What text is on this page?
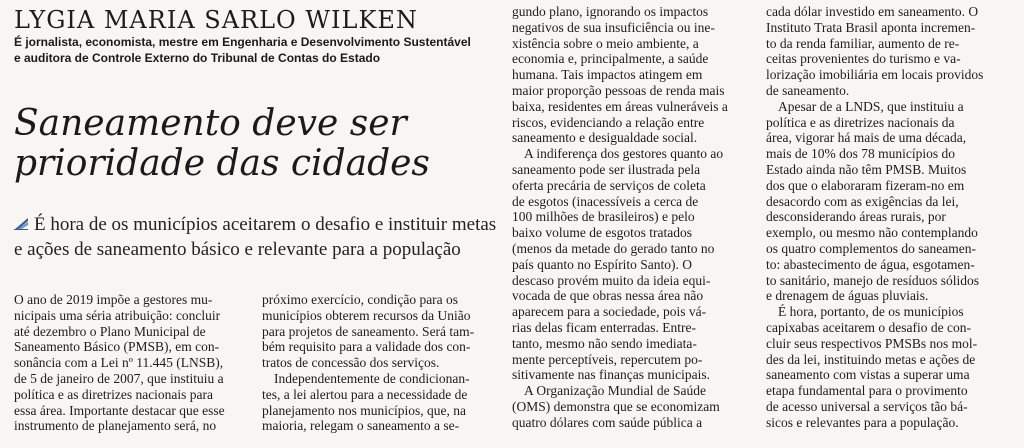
LYGIA MARIA SARLO WILKEN
É jornalista, economista, mestre em Engenharia e Desenvolvimento Sustentável
e auditora de Controle Externo do Tribunal de Contas do Estado
Saneamento deve ser
prioridade das cidades
É hora de os municípios aceitarem o desafio e instituir metas
e ações de saneamento básico e relevante para a população
O ano de 2019 impõe a gestores mu-
nicipais uma séria atribuição: concluir
até dezembro o Plano Municipal de
Saneamento Básico (PMSB), em con-
sonância com a Lei nº 11.445 (LNSB),
de 5 de janeiro de 2007, que instituiu a
política e as diretrizes nacionais para
essa área. Importante destacar que esse
instrumento de planejamento será, no
próximo exercício, condição para os
municípios obterem recursos da União
para projetos de saneamento. Será tam-
bém requisito para a validade dos con-
tratos de concessão dos serviços.
Independentemente de condicionan-
tes, a lei alertou para a necessidade de
planejamento nos municípios, que, na
maioria, relegam o saneamento a se-
gundo plano, ignorando os impactos
negativos de sua insuficiência ou ine-
xistência sobre o meio ambiente, a
economia e, principalmente, a saúde
humana. Tais impactos atingem em
maior proporção pessoas de renda mais
baixa, residentes em áreas vulneráveis a
riscos, evidenciando a relação entre
saneamento e desigualdade social.
A indiferença dos gestores quanto ao
saneamento pode ser ilustrada pela
oferta precária de serviços de coleta
de esgotos (inacessíveis a cerca de
100 milhões de brasileiros) e pelo
baixo volume de esgotos tratados
(menos da metade do gerado tanto no
país quanto no Espírito Santo). O
descaso provém muito da ideia equi-
vocada de que obras nessa área não
aparecem para a sociedade, pois vá-
rias delas ficam enterradas. Entre-
tanto, mesmo não sendo imediata-
mente perceptíveis, repercutem po-
sitivamente nas finanças municipais.
A Organização Mundial de Saúde
(OMS) demonstra que se economizam
quatro dólares com saúde pública a
cada dólar investido em saneamento. O
Instituto Trata Brasil aponta incremen-
to da renda familiar, aumento de re-
ceitas provenientes do turismo e va-
lorização imobiliária em locais providos
de saneamento.
Apesar de a LNDS, que instituiu a
política e as diretrizes nacionais da
área, vigorar há mais de uma década,
mais de 10% dos 78 municípios do
Estado ainda não têm PMSB. Muitos
dos que o elaboraram fizeram-no em
desacordo com as exigências da lei,
desconsiderando áreas rurais, por
exemplo, ou mesmo não contemplando
os quatro complementos do saneamen-
to: abastecimento de água, esgotamen-
to sanitário, manejo de resíduos sólidos
e drenagem de águas pluviais.
É hora, portanto, de os municípios
capixabas aceitarem o desafio de con-
cluir seus respectivos PMSBs nos mol-
des da lei, instituindo metas e ações de
saneamento com vistas a superar uma
etapa fundamental para o provimento
de acesso universal a serviços tão bá-
sicos e relevantes para a população.
